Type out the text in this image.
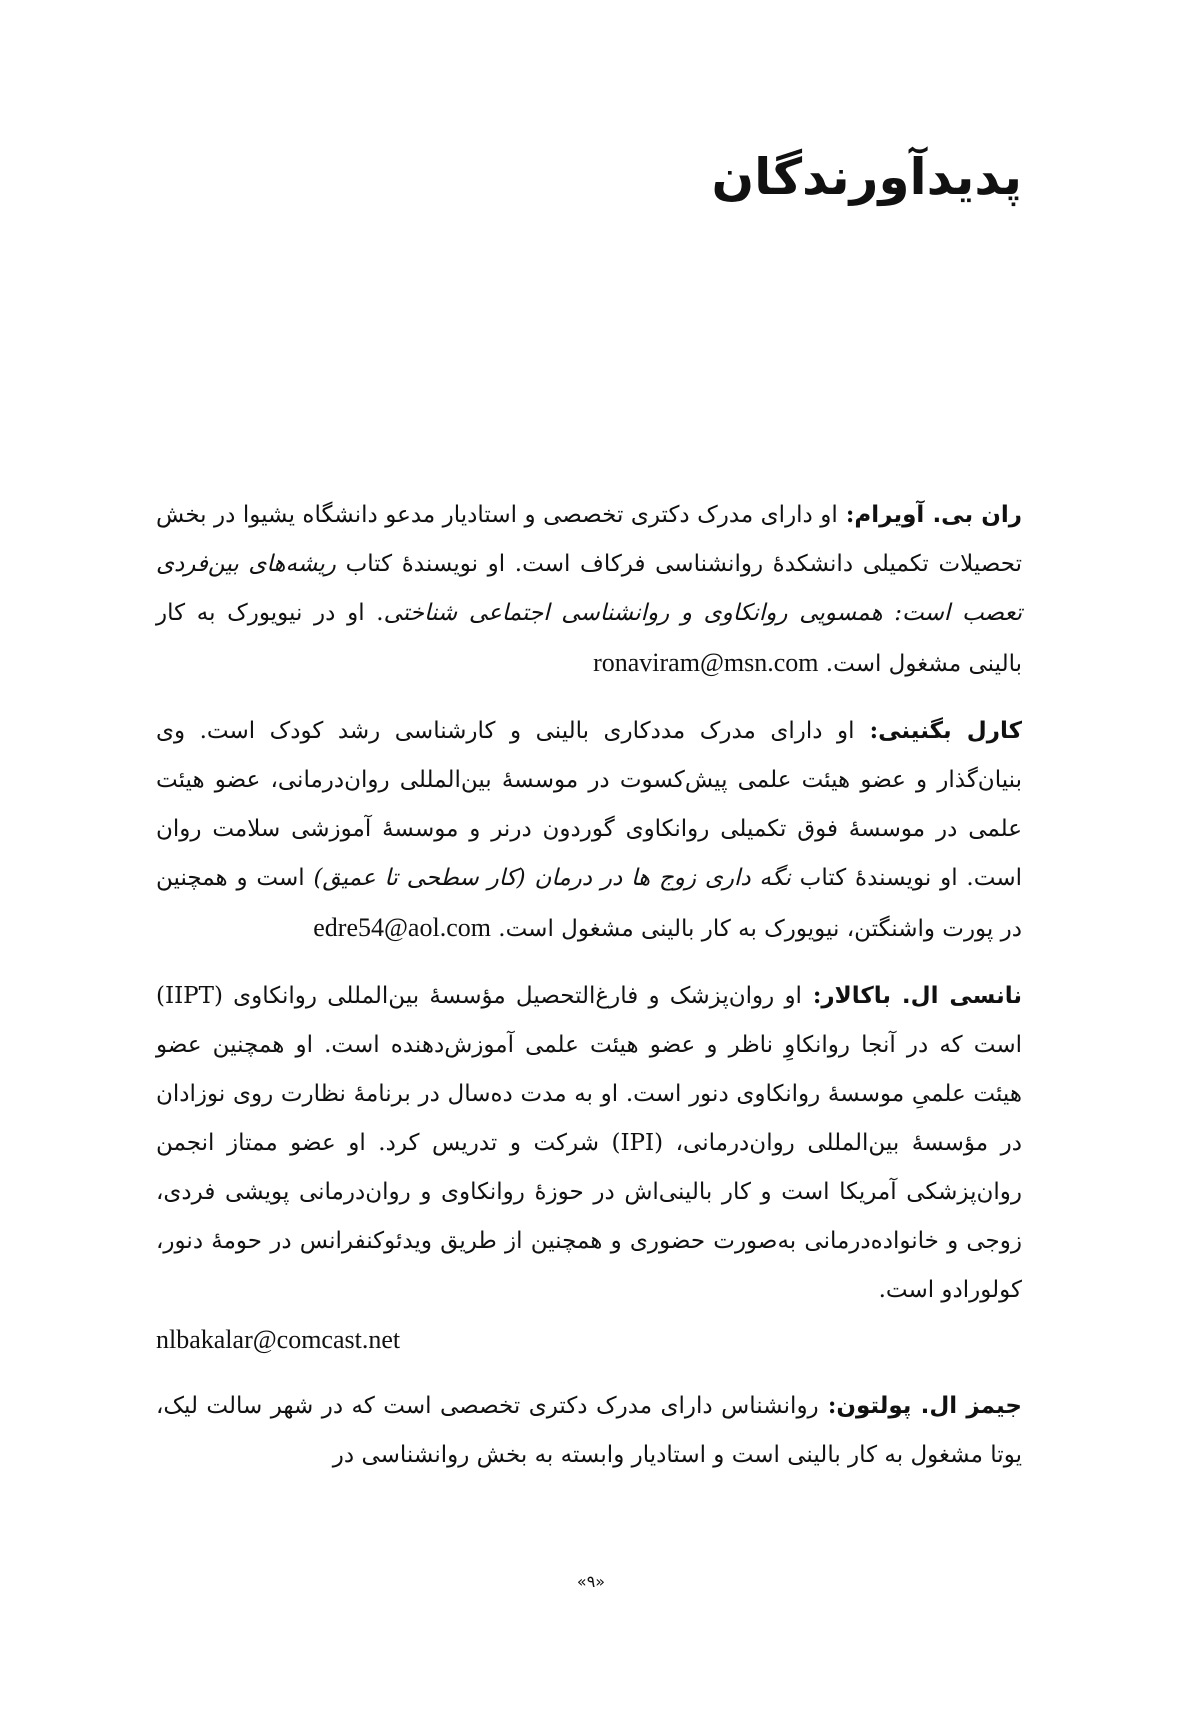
پدیدآورندگان

ران بی. آویرام: او دارای مدرک دکتری تخصصی و استادیار مدعو دانشگاه یشیوا در بخش تحصیلات تکمیلی دانشکدهٔ روانشناسی فرکاف است. او نویسندهٔ کتاب ریشه‌های بین‌فردی تعصب است: همسویی روانکاوی و روانشناسی اجتماعی شناختی. او در نیویورک به کار بالینی مشغول است. ronaviram@msn.com

کارل بگنینی: او دارای مدرک مددکاری بالینی و کارشناسی رشد کودک است. وی بنیان‌گذار و عضو هیئت علمی پیش‌کسوت در موسسهٔ بین‌المللی روان‌درمانی، عضو هیئت علمی در موسسهٔ فوق تکمیلی روانکاوی گوردون درنر و موسسهٔ آموزشی سلامت روان است. او نویسندهٔ کتاب نگه داری زوج ها در درمان (کار سطحی تا عمیق) است و همچنین در پورت واشنگتن، نیویورک به کار بالینی مشغول است. edre54@aol.com

نانسی ال. باکالار: او روان‌پزشک و فارغ‌التحصیل مؤسسهٔ بین‌المللی روانکاوی (IIPT) است که در آنجا روانکاوِ ناظر و عضو هیئت علمی آموزش‌دهنده است. او همچنین عضو هیئت علمیِ موسسهٔ روانکاوی دنور است. او به مدت ده‌سال در برنامهٔ نظارت روی نوزادان در مؤسسهٔ بین‌المللی روان‌درمانی، (IPI) شرکت و تدریس کرد. او عضو ممتاز انجمن روان‌پزشکی آمریکا است و کار بالینی‌اش در حوزهٔ روانکاوی و روان‌درمانی پویشی فردی، زوجی و خانواده‌درمانی به‌صورت حضوری و همچنین از طریق ویدئوکنفرانس در حومهٔ دنور، کولورادو است.
nlbakalar@comcast.net

جیمز ال. پولتون: روانشناس دارای مدرک دکتری تخصصی است که در شهر سالت لیک، یوتا مشغول به کار بالینی است و استادیار وابسته به بخش روانشناسی در

«۹»
